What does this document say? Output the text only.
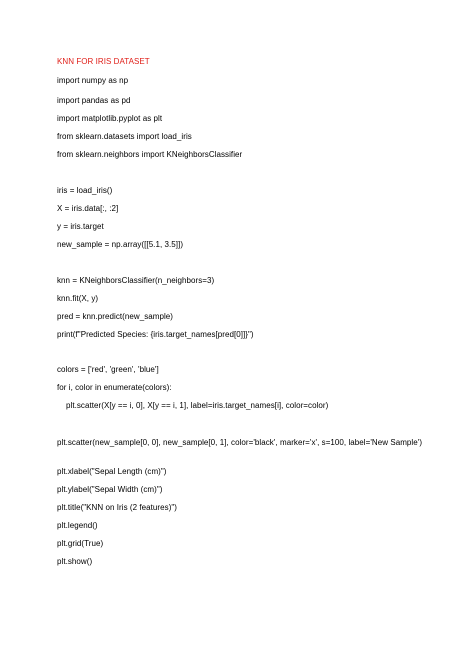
KNN FOR IRIS DATASET
import numpy as np
import pandas as pd
import matplotlib.pyplot as plt
from sklearn.datasets import load_iris
from sklearn.neighbors import KNeighborsClassifier
iris = load_iris()
X = iris.data[:, :2]
y = iris.target
new_sample = np.array([[5.1, 3.5]])
knn = KNeighborsClassifier(n_neighbors=3)
knn.fit(X, y)
pred = knn.predict(new_sample)
print(f"Predicted Species: {iris.target_names[pred[0]]}")
colors = ['red', 'green', 'blue']
for i, color in enumerate(colors):
plt.scatter(X[y == i, 0], X[y == i, 1], label=iris.target_names[i], color=color)
plt.scatter(new_sample[0, 0], new_sample[0, 1], color='black', marker='x', s=100, label='New Sample')
plt.xlabel("Sepal Length (cm)")
plt.ylabel("Sepal Width (cm)")
plt.title("KNN on Iris (2 features)")
plt.legend()
plt.grid(True)
plt.show()
